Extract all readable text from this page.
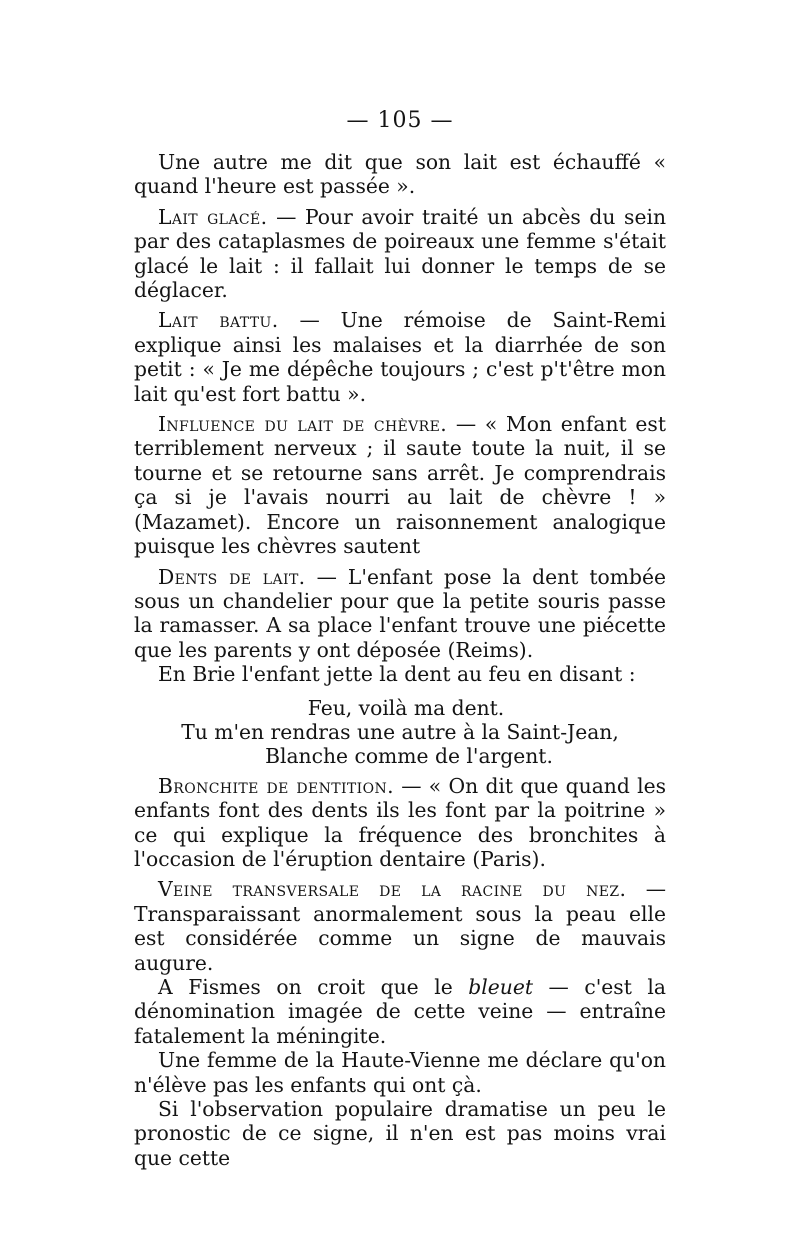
— 105 —

Une autre me dit que son lait est échauffé « quand l'heure est passée ».

Lait glacé. — Pour avoir traité un abcès du sein par des cataplasmes de poireaux une femme s'était glacé le lait : il fallait lui donner le temps de se déglacer.

Lait battu. — Une rémoise de Saint-Remi explique ainsi les malaises et la diarrhée de son petit : « Je me dépêche toujours ; c'est p't'être mon lait qu'est fort battu ».

Influence du lait de chèvre. — « Mon enfant est terriblement nerveux ; il saute toute la nuit, il se tourne et se retourne sans arrêt. Je comprendrais ça si je l'avais nourri au lait de chèvre ! » (Mazamet). Encore un raisonnement analogique puisque les chèvres sautent

Dents de lait. — L'enfant pose la dent tombée sous un chandelier pour que la petite souris passe la ramasser. A sa place l'enfant trouve une piécette que les parents y ont déposée (Reims).

En Brie l'enfant jette la dent au feu en disant :

Feu, voilà ma dent.
Tu m'en rendras une autre à la Saint-Jean,
Blanche comme de l'argent.

Bronchite de dentition. — « On dit que quand les enfants font des dents ils les font par la poitrine » ce qui explique la fréquence des bronchites à l'occasion de l'éruption dentaire (Paris).

Veine transversale de la racine du nez. — Transparaissant anormalement sous la peau elle est considérée comme un signe de mauvais augure.

A Fismes on croit que le bleuet — c'est la dénomination imagée de cette veine — entraîne fatalement la méningite.

Une femme de la Haute-Vienne me déclare qu'on n'élève pas les enfants qui ont çà.

Si l'observation populaire dramatise un peu le pronostic de ce signe, il n'en est pas moins vrai que cette
